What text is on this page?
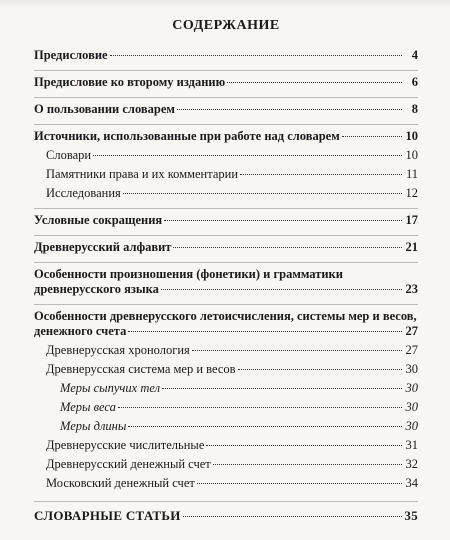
СОДЕРЖАНИЕ
Предисловие	4
Предисловие ко второму изданию	6
О пользовании словарем	8
Источники, использованные при работе над словарем	10
Словари	10
Памятники права и их комментарии	11
Исследования	12
Условные сокращения	17
Древнерусский алфавит	21
Особенности произношения (фонетики) и грамматики
древнерусского языка	23
Особенности древнерусского летоисчисления, системы мер и весов,
денежного счета	27
Древнерусская хронология	27
Древнерусская система мер и весов	30
Меры сыпучих тел	30
Меры веса	30
Меры длины	30
Древнерусские числительные	31
Древнерусский денежный счет	32
Московский денежный счет	34
СЛОВАРНЫЕ СТАТЬИ	35
